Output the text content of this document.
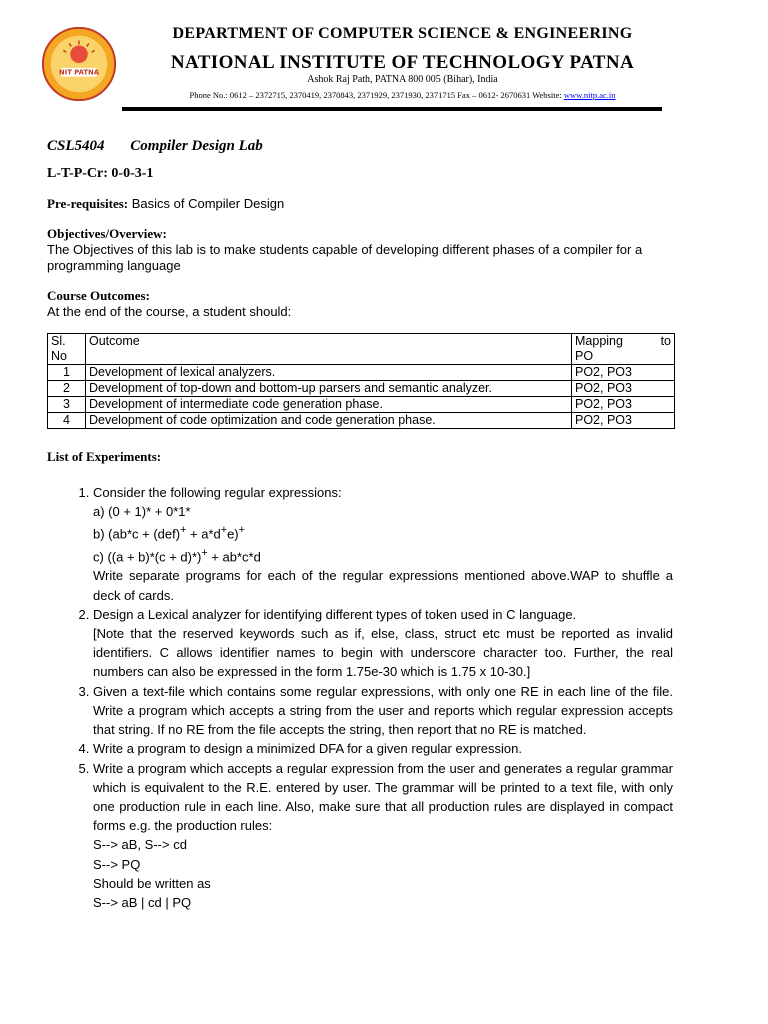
NIT PATNA
DEPARTMENT OF COMPUTER SCIENCE & ENGINEERING
NATIONAL INSTITUTE OF TECHNOLOGY PATNA
Ashok Raj Path, PATNA 800 005 (Bihar), India
Phone No.: 0612 – 2372715, 2370419, 2370843, 2371929, 2371930, 2371715 Fax – 0612- 2670631 Website: www.nitp.ac.in
CSL5404 Compiler Design Lab
L-T-P-Cr: 0-0-3-1
Pre-requisites: Basics of Compiler Design
Objectives/Overview:
The Objectives of this lab is to make students capable of developing different phases of a compiler for a programming language
Course Outcomes:
At the end of the course, a student should:
Sl. No	Outcome	Mapping to
PO
1	Development of lexical analyzers.	PO2, PO3
2	Development of top-down and bottom-up parsers and semantic analyzer.	PO2, PO3
3	Development of intermediate code generation phase.	PO2, PO3
4	Development of code optimization and code generation phase.	PO2, PO3
List of Experiments:
1. Consider the following regular expressions:
a) (0 + 1)* + 0*1*
b) (ab*c + (def)+ + a*d+e)+
c) ((a + b)*(c + d)*)+ + ab*c*d
Write separate programs for each of the regular expressions mentioned above.WAP to shuffle a deck of cards.
2. Design a Lexical analyzer for identifying different types of token used in C language.
[Note that the reserved keywords such as if, else, class, struct etc must be reported as invalid identifiers. C allows identifier names to begin with underscore character too. Further, the real numbers can also be expressed in the form 1.75e-30 which is 1.75 x 10-30.]
3. Given a text-file which contains some regular expressions, with only one RE in each line of the file. Write a program which accepts a string from the user and reports which regular expression accepts that string. If no RE from the file accepts the string, then report that no RE is matched.
4. Write a program to design a minimized DFA for a given regular expression.
5. Write a program which accepts a regular expression from the user and generates a regular grammar which is equivalent to the R.E. entered by user. The grammar will be printed to a text file, with only one production rule in each line. Also, make sure that all production rules are displayed in compact forms e.g. the production rules:
S--> aB, S--> cd
S--> PQ
Should be written as
S--> aB | cd | PQ
